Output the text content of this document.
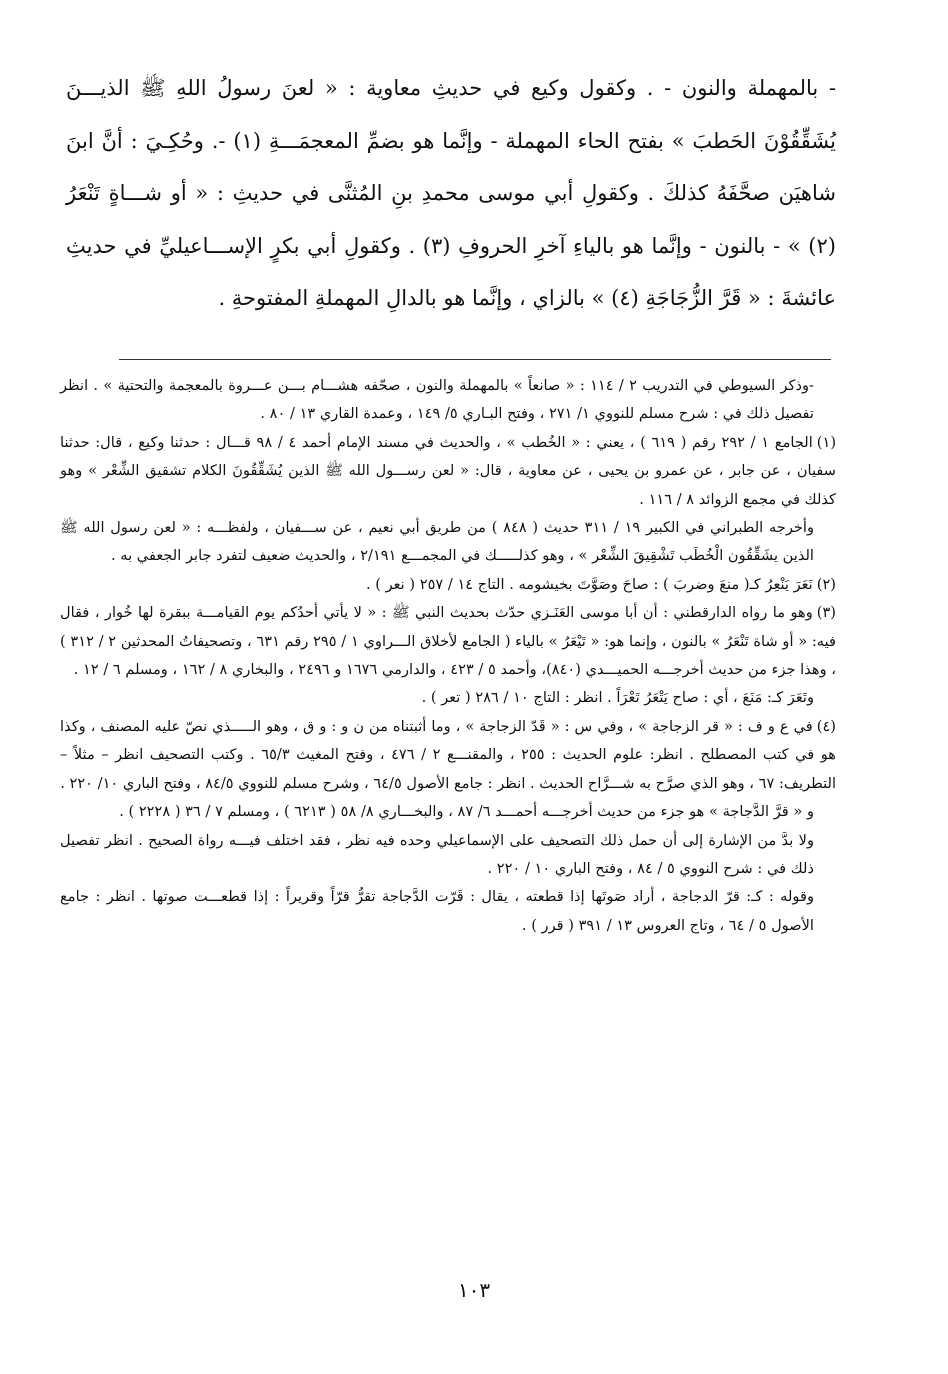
- بالمهملة والنون - . وكقول وكيع في حديثِ معاوية : « لعنَ رسولُ اللهِ ﷺ الذيـــنَ يُشَقِّقُوْنَ الحَطبَ » بفتح الحاء المهملة - وإنَّما هو بضمِّ المعجمَـــةِ (١) -. وحُكِـيَ : أنَّ ابنَ شاهيَن صحَّفَهُ كذلكَ . وكقولِ أبي موسى محمدِ بنِ المُثنَّى في حديثِ : « أو شـــاةٍ تَنْعَرُ (٢) » - بالنون - وإنَّما هو بالياءِ آخرِ الحروفِ (٣) . وكقولِ أبي بكرٍ الإســـاعيليِّ في حديثِ عائشةَ : « قَرَّ الزُّجَاجَةِ (٤) » بالزاي ، وإنَّما هو بالدالِ المهملةِ المفتوحةِ .

-وذكر السيوطي في التدريب ٢ / ١١٤ : « صانعاً » بالمهملة والنون ، صحّفه هشـــام بـــن عـــروة بالمعجمة والتحتية » . انظر تفصيل ذلك في : شرح مسلم للنووي ١/ ٢٧١ ، وفتح البـاري ٥/ ١٤٩ ، وعمدة القاري ١٣ / ٨٠ .

(١)الجامع ١ / ٢٩٢ رقم ( ٦١٩ ) ، يعني : « الخُطب » ، والحديث في مسند الإمام أحمد ٤ / ٩٨ قـــال : حدثنا وكيع ، قال: حدثنا سفيان ، عن جابر ، عن عمرو بن يحيى ، عن معاوية ، قال: « لعن رســـول الله ﷺ الذين يُشَقِّقُونَ الكلام تشقيق الشِّعْر » وهو كذلك في مجمع الزوائد ٨ / ١١٦ .

وأخرجه الطبراني في الكبير ١٩ / ٣١١ حديث ( ٨٤٨ ) من طريق أبي نعيم ، عن ســـفيان ، ولفظـــه : « لعن رسول الله ﷺ الذين يشَقِّقُون الْخُطَب تَشْقِيقَ الشِّعْر » ، وهو كذلـــــك في المجمـــع ٢/١٩١ ، والحديث ضعيف لتفرد جابر الجعفي به .

(٢)نَعَرَ يَنْعِرُ كـ( منعَ وضربَ ) : صاحَ وصَوَّتَ بخيشومه . التاج ١٤ / ٢٥٧ ( نعر ) .

(٣)وهو ما رواه الدارقطني : أن أبا موسى العَنَـزي حدّث بحديث النبي ﷺ : « لا يأتي أحدُكم يوم القيامـــة ببقرة لها خُوار ، فقال فيه: « أو شاة تَنْعَرُ » بالنون ، وإنما هو: « تَيْعَرُ » بالياء ( الجامع لأخلاق الـــراوي ١ / ٢٩٥ رقم ٦٣١ ، وتصحيفاتُ المحدثين ٢ / ٣١٢ ) ، وهذا جزء من حديث أخرجـــه الحميـــدي (٨٤٠)، وأحمد ٥ / ٤٢٣ ، والدارمي ١٦٧٦ و ٢٤٩٦ ، والبخاري ٨ / ١٦٢ ، ومسلم ٦ / ١٢ .

وتَعَرَ كـ: مَنَعَ ، أي : صاح يَتْعَرُ تَعْرَاً . انظر : التاج ١٠ / ٢٨٦ ( تعر ) .

(٤)في ع و ف : « قر الزجاجة » ، وفي س : « قَدّ الزجاجة » ، وما أثبتناه من ن و : و ق ، وهو الـــــذي نصّ عليه المصنف ، وكذا هو في كتب المصطلح . انظر: علوم الحديث : ٢٥٥ ، والمقنـــع ٢ / ٤٧٦ ، وفتح المغيث ٦٥/٣ . وكتب التصحيف انظر – مثلاً – التطريف: ٦٧ ، وهو الذي صرَّح به شـــرَّاح الحديث . انظر : جامع الأصول ٦٤/٥ ، وشرح مسلم للنووي ٨٤/٥ ، وفتح الباري ١٠/ ٢٢٠ .

و « قرَّ الدَّجاجة » هو جزء من حديث أخرجـــه أحمـــد ٦/ ٨٧ ، والبخـــاري ٨/ ٥٨ ( ٦٢١٣ ) ، ومسلم ٧ / ٣٦ ( ٢٢٢٨ ) .

ولا بدَّ من الإشارة إلى أن حمل ذلك التصحيف على الإسماعيلي وحده فيه نظر ، فقد اختلف فيـــه رواة الصحيح . انظر تفصيل ذلك في : شرح النووي ٥ / ٨٤ ، وفتح الباري ١٠ / ٢٢٠ .

وقوله : كـ: قرّ الدجاجة ، أراد صَوتَها إذا قطعته ، يقال : قَرّت الدَّجاجة تقرُّ قرّاً وقريراً : إذا قطعـــت صوتها . انظر : جامع الأصول ٥ / ٦٤ ، وتاج العروس ١٣ / ٣٩١ ( قرر ) .

١٠٣
